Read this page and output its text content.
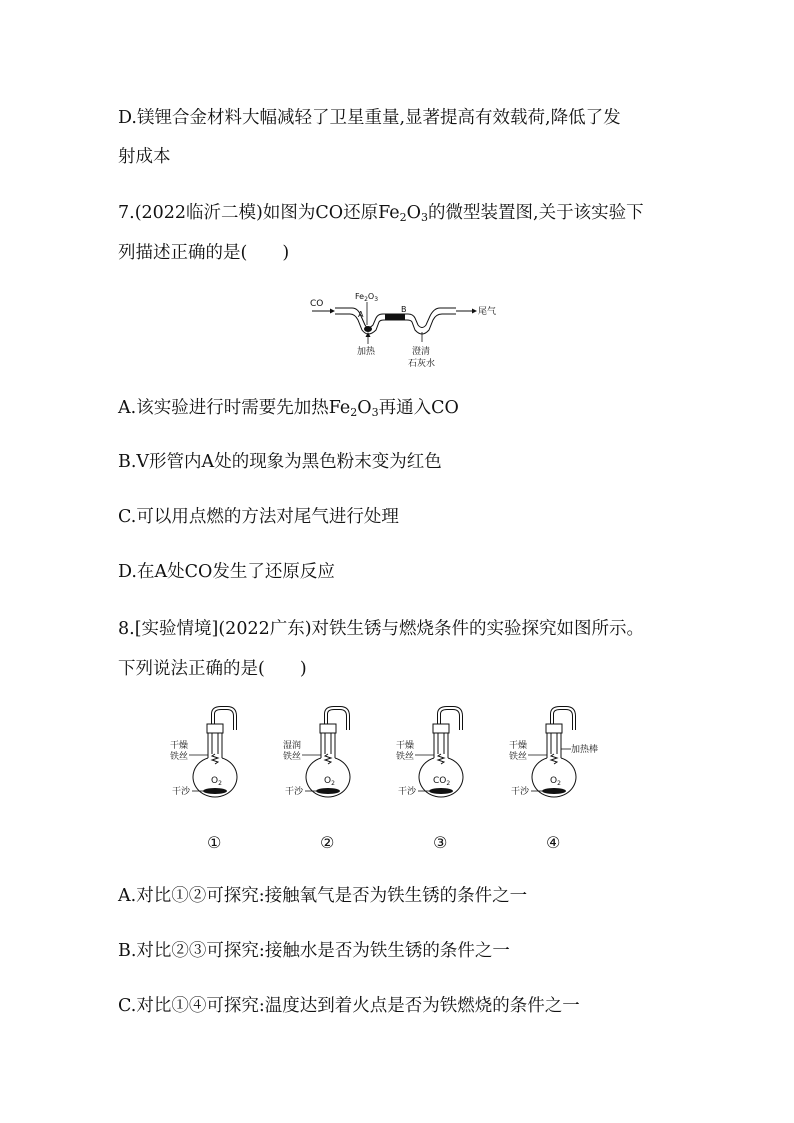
D.镁锂合金材料大幅减轻了卫星重量,显著提高有效载荷,降低了发
射成本
7.(2022临沂二模)如图为CO还原$Fe_2O_3$的微型装置图,关于该实验下
列描述正确的是(　　)
CO
$Fe_2O_3$
A
B	尾气
加热	澄清
石灰水
A.该实验进行时需要先加热$Fe_2O_3$再通入CO
B.V形管内A处的现象为黑色粉末变为红色
C.可以用点燃的方法对尾气进行处理
D.在A处CO发生了还原反应
8.[实验情境](2022广东)对铁生锈与燃烧条件的实验探究如图所示。
下列说法正确的是(　　)
$O_2$
干燥
铁丝
干沙
①
$O_2$
湿润
铁丝
干沙
②
$CO_2$
干燥
铁丝
干沙
③
$O_2$
干燥
铁丝
干沙
加热棒
④
A.对比①②可探究:接触氧气是否为铁生锈的条件之一
B.对比②③可探究:接触水是否为铁生锈的条件之一
C.对比①④可探究:温度达到着火点是否为铁燃烧的条件之一
